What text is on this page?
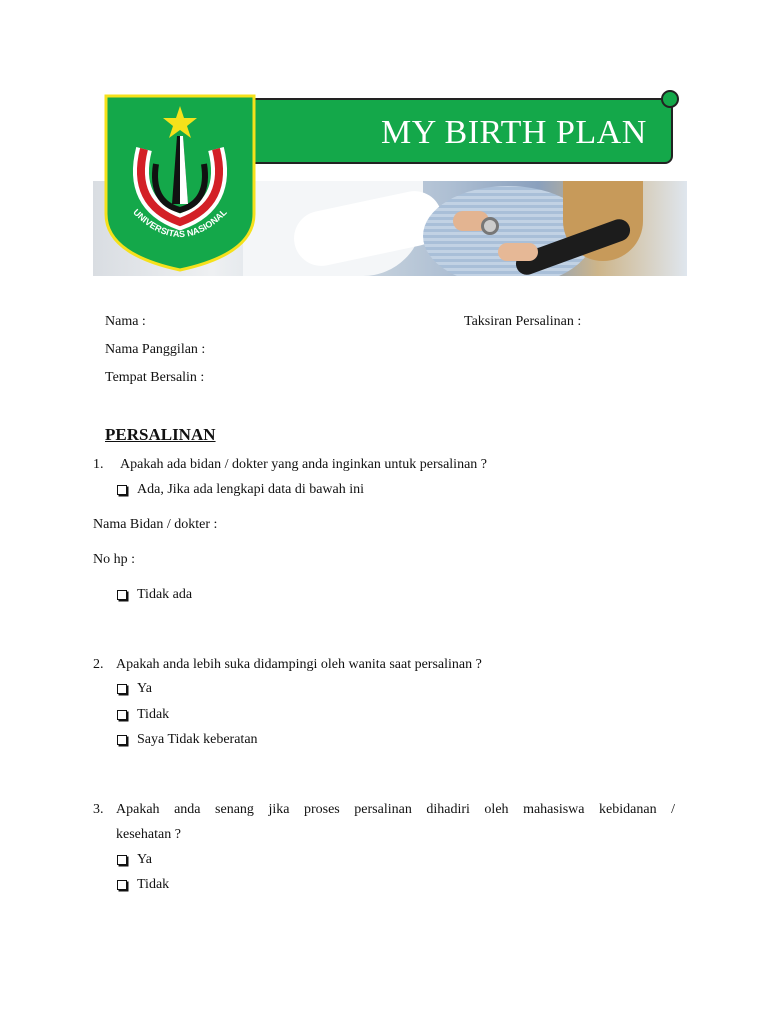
MY BIRTH PLAN
UNIVERSITAS NASIONAL
Nama :	Taksiran Persalinan :
Nama Panggilan :
Tempat Bersalin :
PERSALINAN
1. Apakah ada bidan / dokter yang anda inginkan untuk persalinan ?
Ada, Jika ada lengkapi data di bawah ini
Nama Bidan / dokter :
No hp :
Tidak ada
2. Apakah anda lebih suka didampingi oleh wanita saat persalinan ?
Ya
Tidak
Saya Tidak keberatan
3. Apakah anda senang jika proses persalinan dihadiri oleh mahasiswa kebidanan /
kesehatan ?
Ya
Tidak
